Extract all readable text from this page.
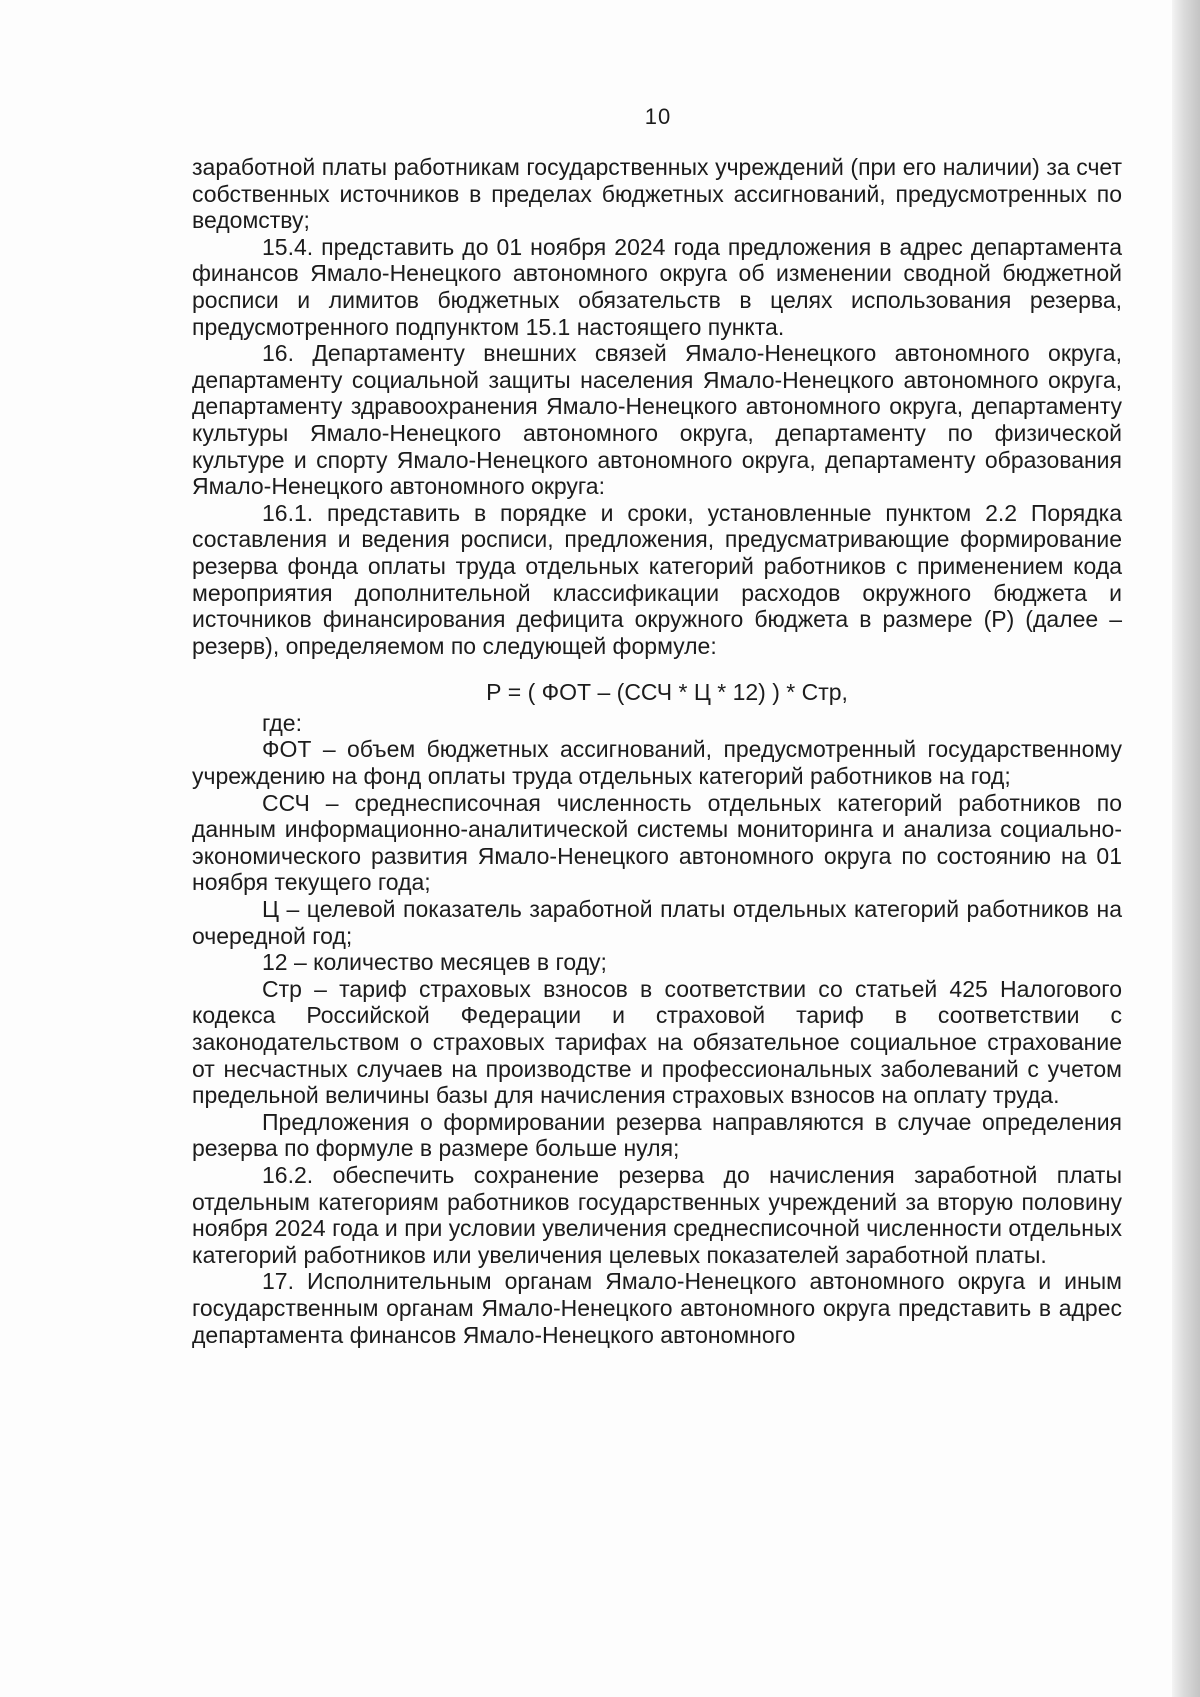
10

заработной платы работникам государственных учреждений (при его наличии) за счет собственных источников в пределах бюджетных ассигнований, предусмотренных по ведомству;

15.4. представить до 01 ноября 2024 года предложения в адрес департамента финансов Ямало-Ненецкого автономного округа об изменении сводной бюджетной росписи и лимитов бюджетных обязательств в целях использования резерва, предусмотренного подпунктом 15.1 настоящего пункта.

16. Департаменту внешних связей Ямало-Ненецкого автономного округа, департаменту социальной защиты населения Ямало-Ненецкого автономного округа, департаменту здравоохранения Ямало-Ненецкого автономного округа, департаменту культуры Ямало-Ненецкого автономного округа, департаменту по физической культуре и спорту Ямало-Ненецкого автономного округа, департаменту образования Ямало-Ненецкого автономного округа:

16.1. представить в порядке и сроки, установленные пунктом 2.2 Порядка составления и ведения росписи, предложения, предусматривающие формирование резерва фонда оплаты труда отдельных категорий работников с применением кода мероприятия дополнительной классификации расходов окружного бюджета и источников финансирования дефицита окружного бюджета в размере (Р) (далее – резерв), определяемом по следующей формуле:

Р = ( ФОТ – (ССЧ * Ц * 12) ) * Стр,

где:

ФОТ – объем бюджетных ассигнований, предусмотренный государственному учреждению на фонд оплаты труда отдельных категорий работников на год;

ССЧ – среднесписочная численность отдельных категорий работников по данным информационно-аналитической системы мониторинга и анализа социально-экономического развития Ямало-Ненецкого автономного округа по состоянию на 01 ноября текущего года;

Ц – целевой показатель заработной платы отдельных категорий работников на очередной год;

12 – количество месяцев в году;

Стр – тариф страховых взносов в соответствии со статьей 425 Налогового кодекса Российской Федерации и страховой тариф в соответствии с законодательством о страховых тарифах на обязательное социальное страхование от несчастных случаев на производстве и профессиональных заболеваний с учетом предельной величины базы для начисления страховых взносов на оплату труда.

Предложения о формировании резерва направляются в случае определения резерва по формуле в размере больше нуля;

16.2. обеспечить сохранение резерва до начисления заработной платы отдельным категориям работников государственных учреждений за вторую половину ноября 2024 года и при условии увеличения среднесписочной численности отдельных категорий работников или увеличения целевых показателей заработной платы.

17. Исполнительным органам Ямало-Ненецкого автономного округа и иным государственным органам Ямало-Ненецкого автономного округа представить в адрес департамента финансов Ямало-Ненецкого автономного
